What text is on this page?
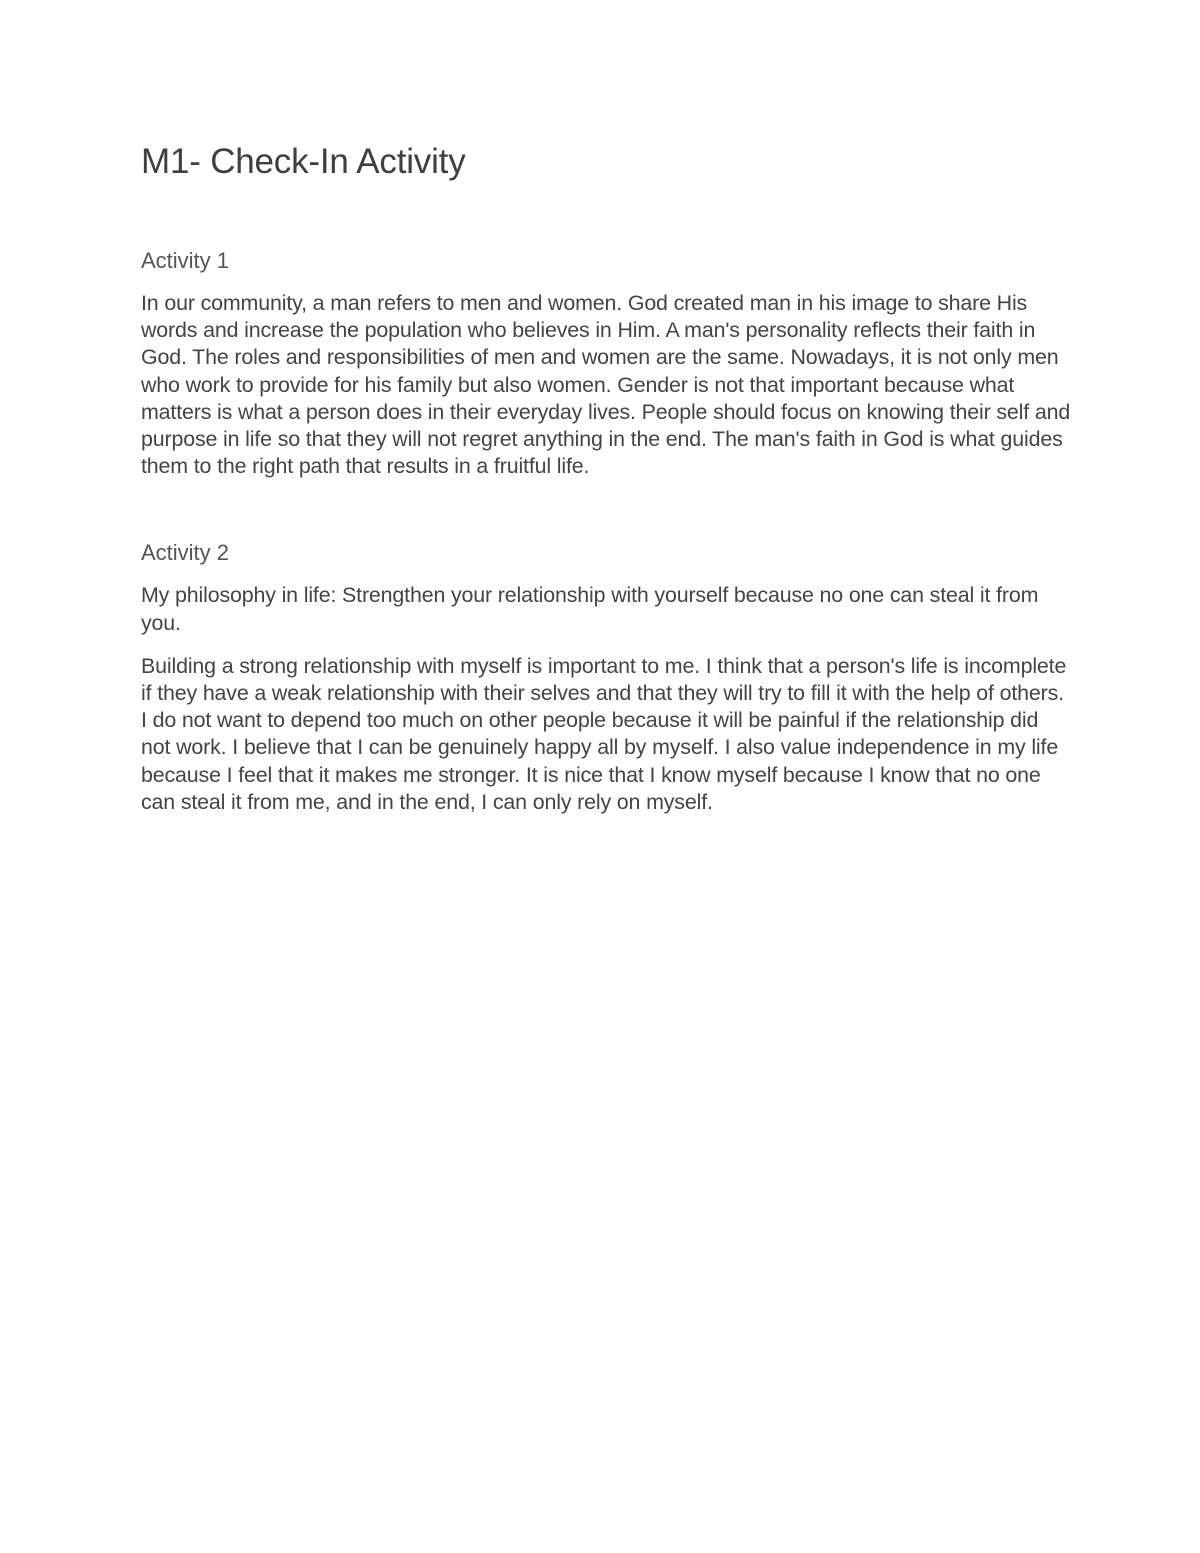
M1- Check-In Activity
Activity 1

In our community, a man refers to men and women. God created man in his image to share His words and increase the population who believes in Him. A man's personality reflects their faith in God. The roles and responsibilities of men and women are the same. Nowadays, it is not only men who work to provide for his family but also women. Gender is not that important because what matters is what a person does in their everyday lives. People should focus on knowing their self and purpose in life so that they will not regret anything in the end. The man's faith in God is what guides them to the right path that results in a fruitful life.

Activity 2

My philosophy in life: Strengthen your relationship with yourself because no one can steal it from you.

Building a strong relationship with myself is important to me. I think that a person's life is incomplete if they have a weak relationship with their selves and that they will try to fill it with the help of others. I do not want to depend too much on other people because it will be painful if the relationship did not work. I believe that I can be genuinely happy all by myself. I also value independence in my life because I feel that it makes me stronger. It is nice that I know myself because I know that no one can steal it from me, and in the end, I can only rely on myself.
